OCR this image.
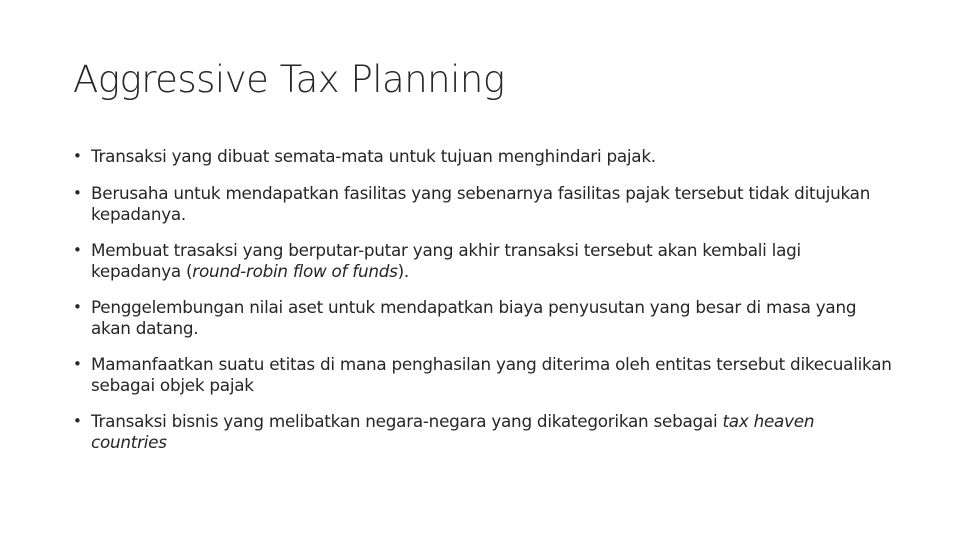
Aggressive Tax Planning
• Transaksi yang dibuat semata-mata untuk tujuan menghindari pajak.
• Berusaha untuk mendapatkan fasilitas yang sebenarnya fasilitas pajak tersebut tidak ditujukan kepadanya.
• Membuat trasaksi yang berputar-putar yang akhir transaksi tersebut akan kembali lagi kepadanya (round-robin flow of funds).
• Penggelembungan nilai aset untuk mendapatkan biaya penyusutan yang besar di masa yang akan datang.
• Mamanfaatkan suatu etitas di mana penghasilan yang diterima oleh entitas tersebut dikecualikan sebagai objek pajak
• Transaksi bisnis yang melibatkan negara-negara yang dikategorikan sebagai tax heaven countries
